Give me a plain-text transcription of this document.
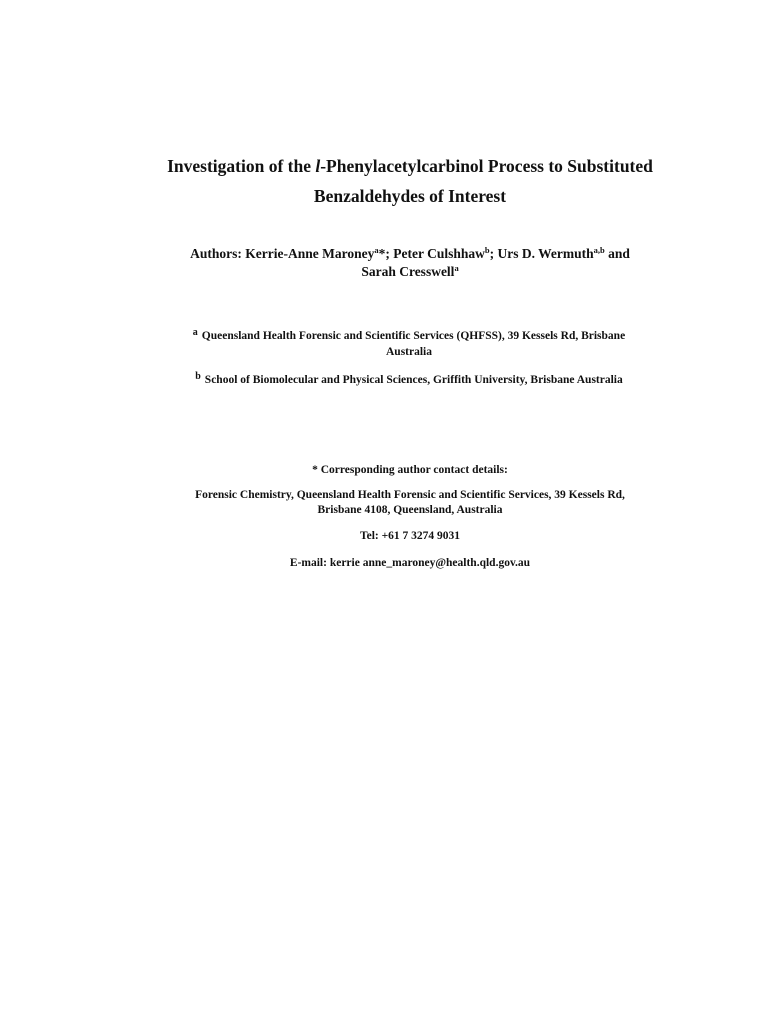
Investigation of the l-Phenylacetylcarbinol Process to Substituted
Benzaldehydes of Interest
Authors: Kerrie-Anne Maroney$^a$*; Peter Culshhaw$^b$; Urs D. Wermuth$^{a,b}$ and
Sarah Cresswell$^a$
a Queensland Health Forensic and Scientific Services (QHFSS), 39 Kessels Rd, Brisbane
Australia
b School of Biomolecular and Physical Sciences, Griffith University, Brisbane Australia
* Corresponding author contact details:
Forensic Chemistry, Queensland Health Forensic and Scientific Services, 39 Kessels Rd,
Brisbane 4108, Queensland, Australia
Tel: +61 7 3274 9031
E-mail: kerrie anne_maroney@health.qld.gov.au
